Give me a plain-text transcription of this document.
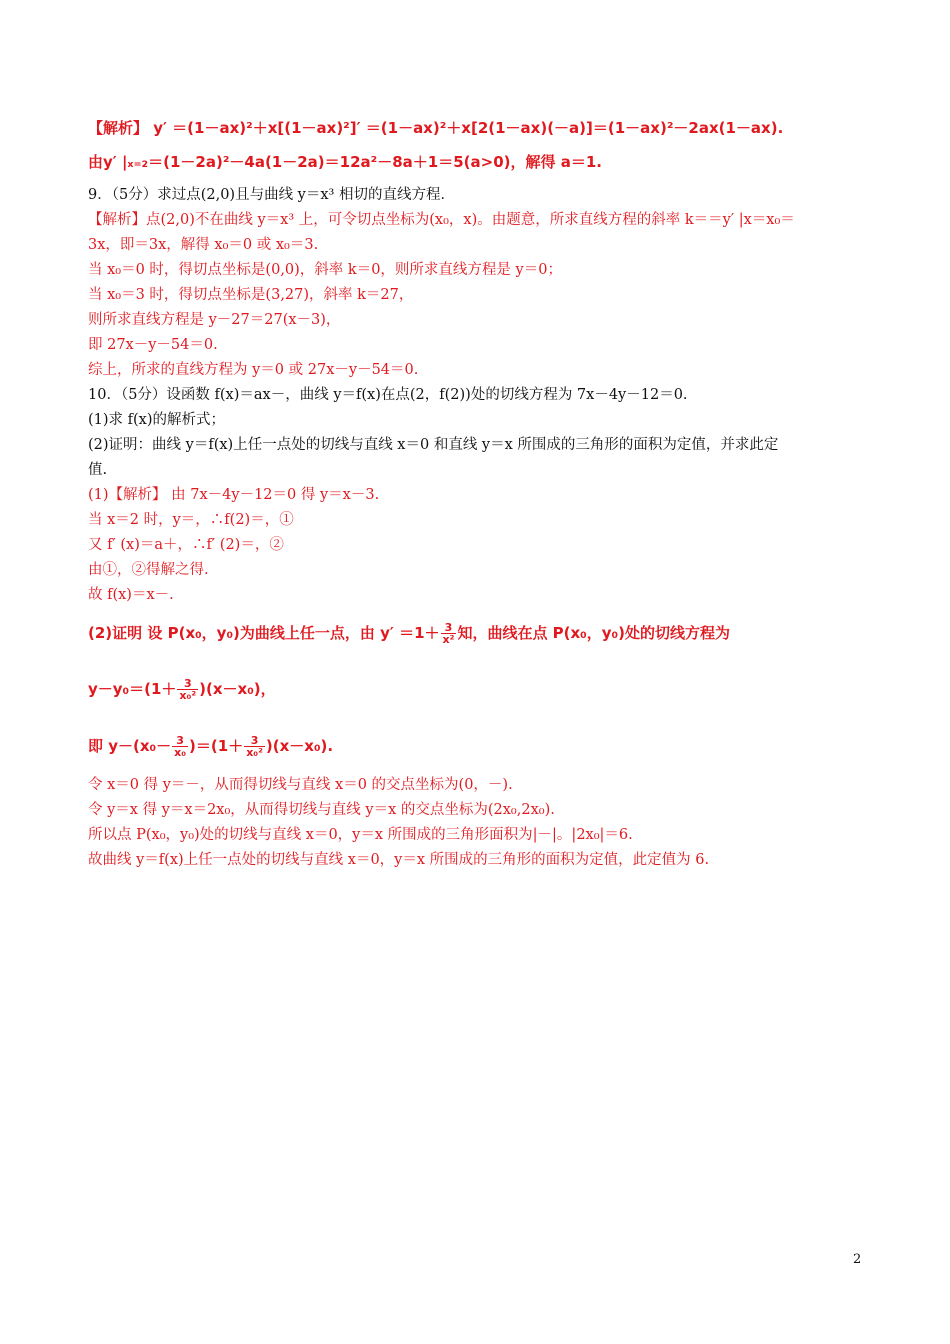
【解析】 y′ ＝(1－ax)²＋x[(1－ax)²]′ ＝(1－ax)²＋x[2(1－ax)(－a)]＝(1－ax)²－2ax(1－ax).
由y′ |ₓ₌₂＝(1－2a)²－4a(1－2a)＝12a²－8a＋1＝5(a>0)，解得 a＝1.
9．（5分）求过点(2,0)且与曲线 y＝x³ 相切的直线方程．
【解析】点(2,0)不在曲线 y＝x³ 上，可令切点坐标为(x₀，x)。由题意，所求直线方程的斜率 k＝＝y′ |x＝x₀＝
3x，即＝3x，解得 x₀＝0 或 x₀＝3.
当 x₀＝0 时，得切点坐标是(0,0)，斜率 k＝0，则所求直线方程是 y＝0；
当 x₀＝3 时，得切点坐标是(3,27)，斜率 k＝27，
则所求直线方程是 y－27＝27(x－3)，
即 27x－y－54＝0.
综上，所求的直线方程为 y＝0 或 27x－y－54＝0.
10．（5分）设函数 f(x)＝ax－，曲线 y＝f(x)在点(2，f(2))处的切线方程为 7x－4y－12＝0.
(1)求 f(x)的解析式；
(2)证明：曲线 y＝f(x)上任一点处的切线与直线 x＝0 和直线 y＝x 所围成的三角形的面积为定值，并求此定
值.
(1)【解析】 由 7x－4y－12＝0 得 y＝x－3.
当 x＝2 时，y＝，∴f(2)＝，①
又 f′ (x)＝a＋，∴f′ (2)＝，②
由①，②得解之得.
故 f(x)＝x－.
令 x＝0 得 y＝－，从而得切线与直线 x＝0 的交点坐标为(0，－).
令 y＝x 得 y＝x＝2x₀，从而得切线与直线 y＝x 的交点坐标为(2x₀,2x₀).
所以点 P(x₀，y₀)处的切线与直线 x＝0，y＝x 所围成的三角形面积为|－|。|2x₀|＝6.
故曲线 y＝f(x)上任一点处的切线与直线 x＝0，y＝x 所围成的三角形的面积为定值，此定值为 6.
(2)证明 设 P(x₀，y₀)为曲线上任一点，由 $y' =1+ \frac{3}{\text{x²}}$ 知，曲线在点 P(x₀，y₀)处的切线方程为
$y-y_0=(1+ \frac{3}{\text{x₀²}} )(x-x_0)$，
即 $y-(x_0- \frac{3}{\text{x₀}} )=(1+ \frac{3}{\text{x₀²}} )(x-x_0)$.
2
